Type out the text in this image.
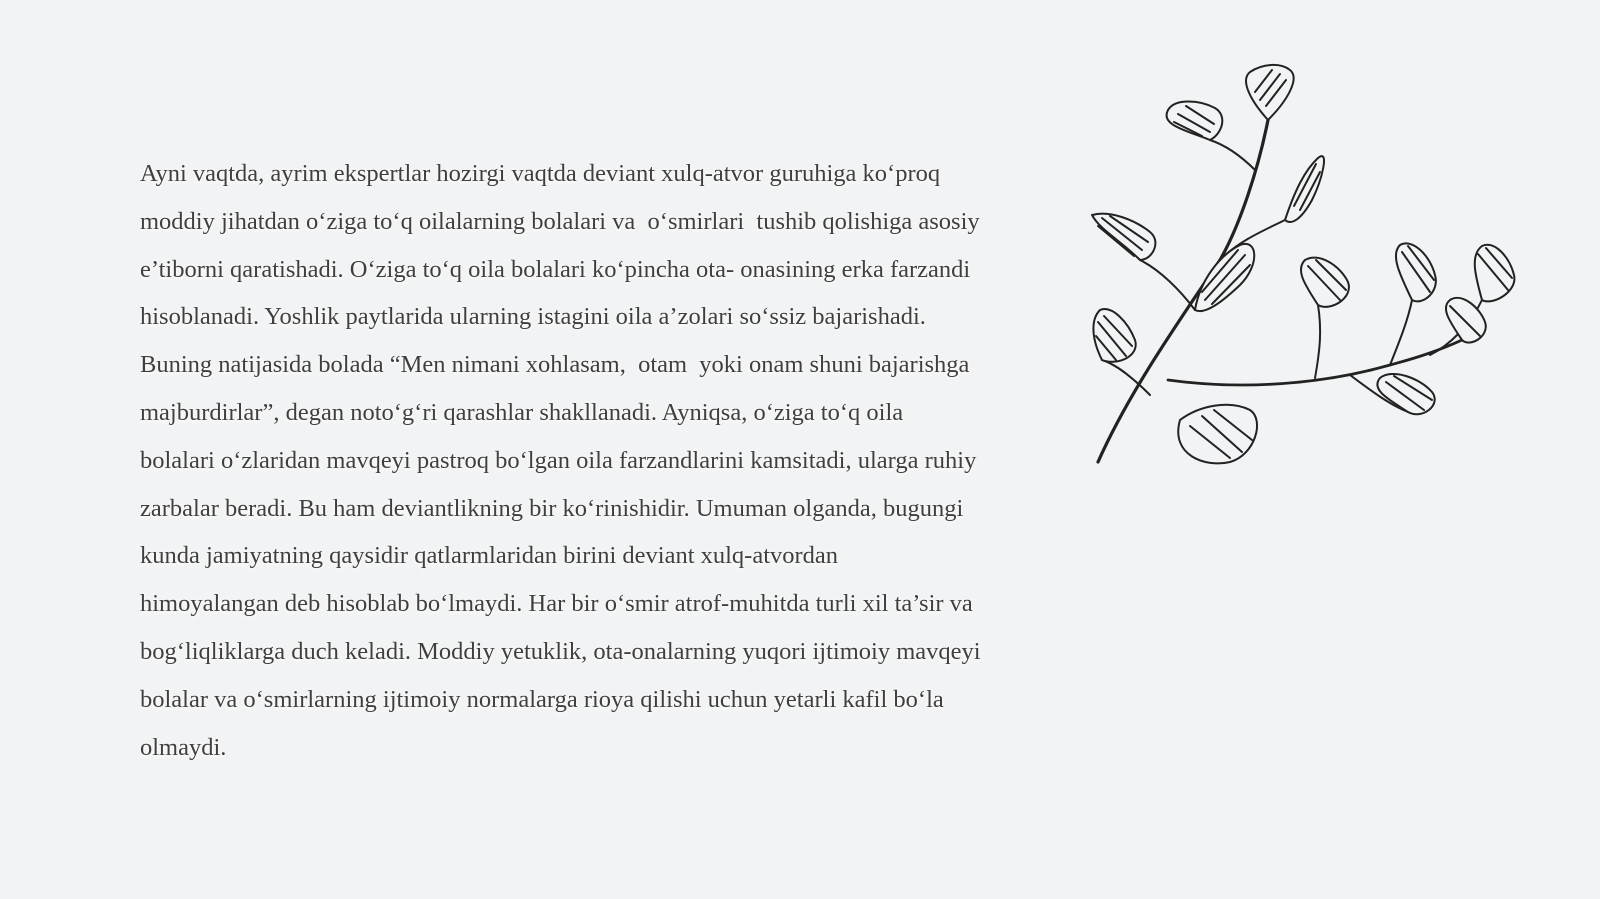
Ayni vaqtda, ayrim ekspertlar hozirgi vaqtda deviant xulq-atvor guruhiga ko‘proq
moddiy jihatdan o‘ziga to‘q oilalarning bolalari va  o‘smirlari  tushib qolishiga asosiy
e’tiborni qaratishadi. O‘ziga to‘q oila bolalari ko‘pincha ota- onasining erka farzandi
hisoblanadi. Yoshlik paytlarida ularning istagini oila a’zolari so‘ssiz bajarishadi.
Buning natijasida bolada “Men nimani xohlasam,  otam  yoki onam shuni bajarishga
majburdirlar”, degan noto‘g‘ri qarashlar shakllanadi. Ayniqsa, o‘ziga to‘q oila
bolalari o‘zlaridan mavqeyi pastroq bo‘lgan oila farzandlarini kamsitadi, ularga ruhiy
zarbalar beradi. Bu ham deviantlikning bir ko‘rinishidir. Umuman olganda, bugungi
kunda jamiyatning qaysidir qatlarmlaridan birini deviant xulq-atvordan
himoyalangan deb hisoblab bo‘lmaydi. Har bir o‘smir atrof-muhitda turli xil ta’sir va
bog‘liqliklarga duch keladi. Moddiy yetuklik, ota-onalarning yuqori ijtimoiy mavqeyi
bolalar va o‘smirlarning ijtimoiy normalarga rioya qilishi uchun yetarli kafil bo‘la
olmaydi.
